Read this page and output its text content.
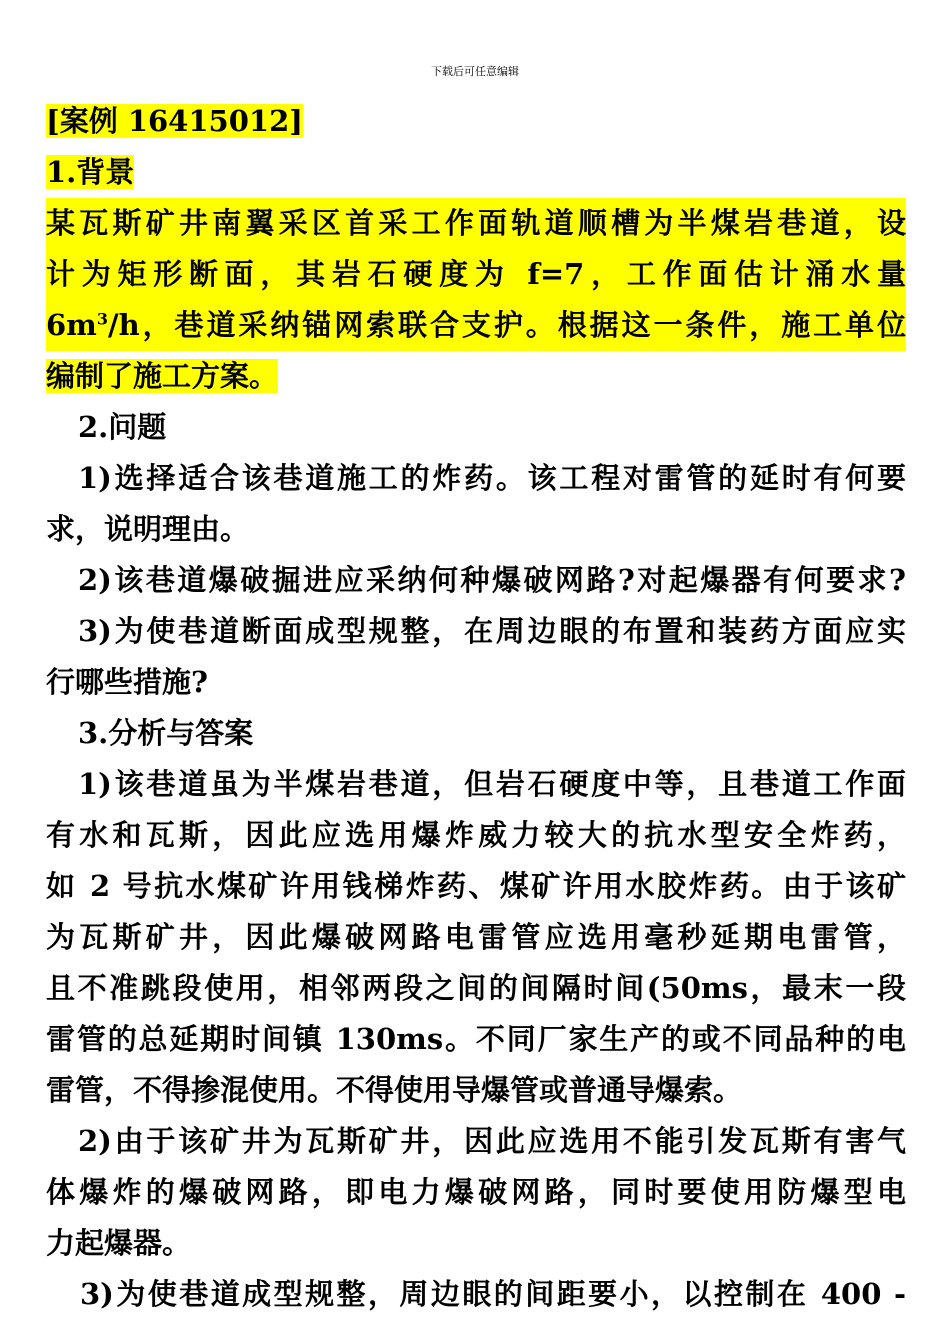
下载后可任意编辑
[案例 16415012]
1.背景
某瓦斯矿井南翼采区首采工作面轨道顺槽为半煤岩巷道，设
计为矩形断面，其岩石硬度为 f=7，工作面估计涌水量
$6m^3/h$，巷道采纳锚网索联合支护。根据这一条件，施工单位
编制了施工方案。
2.问题
1)选择适合该巷道施工的炸药。该工程对雷管的延时有何要
求，说明理由。
2)该巷道爆破掘进应采纳何种爆破网路?对起爆器有何要求?
3)为使巷道断面成型规整，在周边眼的布置和装药方面应实
行哪些措施?
3.分析与答案
1)该巷道虽为半煤岩巷道，但岩石硬度中等，且巷道工作面
有水和瓦斯，因此应选用爆炸威力较大的抗水型安全炸药，
如 2 号抗水煤矿许用钱梯炸药、煤矿许用水胶炸药。由于该矿
为瓦斯矿井，因此爆破网路电雷管应选用毫秒延期电雷管，
且不准跳段使用，相邻两段之间的间隔时间(50ms，最末一段
雷管的总延期时间镇 130ms。不同厂家生产的或不同品种的电
雷管，不得掺混使用。不得使用导爆管或普通导爆索。
2)由于该矿井为瓦斯矿井，因此应选用不能引发瓦斯有害气
体爆炸的爆破网路，即电力爆破网路，同时要使用防爆型电
力起爆器。
3)为使巷道成型规整，周边眼的间距要小，以控制在 400 -
